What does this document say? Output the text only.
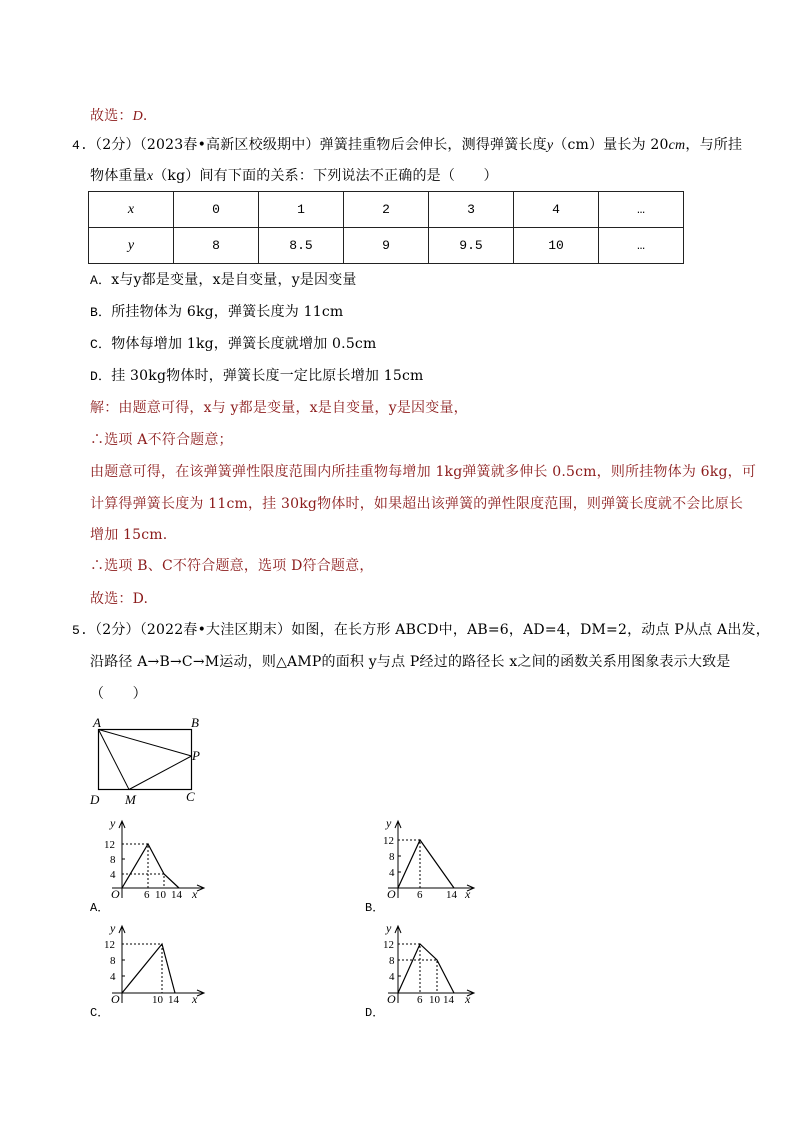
故选：D.
4.（2分）（2023春•高新区校级期中）弹簧挂重物后会伸长，测得弹簧长度y（cm）量长为 20cm，与所挂
物体重量x（kg）间有下面的关系：下列说法不正确的是（　　）
x	0	1	2	3	4	…
y	8	8.5	9	9.5	10	…
A．x与y都是变量，x是自变量，y是因变量
B．所挂物体为 6kg，弹簧长度为 11cm
C．物体每增加 1kg，弹簧长度就增加 0.5cm
D．挂 30kg物体时，弹簧长度一定比原长增加 15cm
解：由题意可得，x与 y都是变量，x是自变量，y是因变量，
∴选项 A不符合题意；
由题意可得，在该弹簧弹性限度范围内所挂重物每增加 1kg弹簧就多伸长 0.5cm，则所挂物体为 6kg，可
计算得弹簧长度为 11cm，挂 30kg物体时，如果超出该弹簧的弹性限度范围，则弹簧长度就不会比原长
增加 15cm.
∴选项 B、C不符合题意，选项 D符合题意，
故选：D.
5.（2分）（2022春•大洼区期末）如图，在长方形 ABCD中，AB=6，AD=4，DM=2，动点 P从点 A出发，
沿路径 A→B→C→M运动，则△AMP的面积 y与点 P经过的路径长 x之间的函数关系用图象表示大致是
（　　）
A	B
P
D M	C
y
12
8
4
O 6 10 14 x
A．
y
12
8
4
O 6 14 x
B．
y
12
8
4
O	10 14 x
C．
y
12
8
4
O 6 10 14 x
D．
